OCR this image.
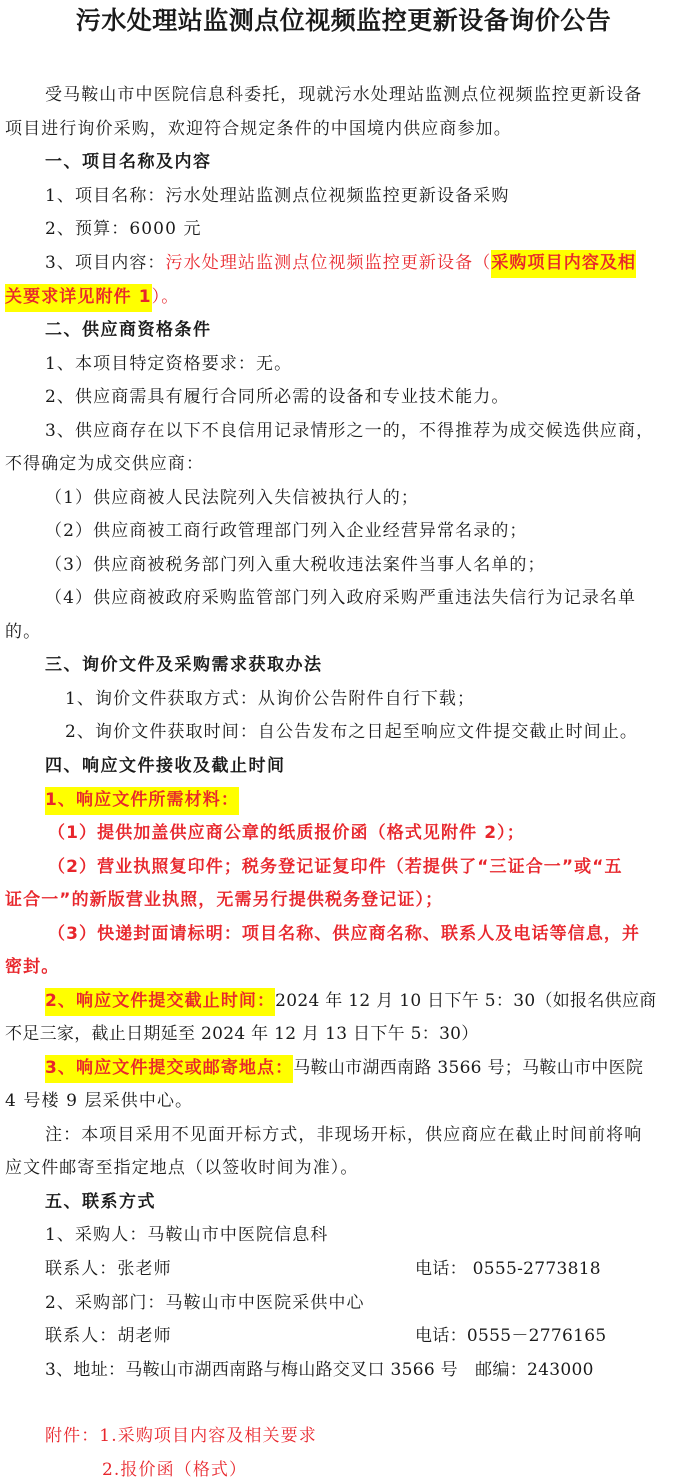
污水处理站监测点位视频监控更新设备询价公告
受马鞍山市中医院信息科委托，现就污水处理站监测点位视频监控更新设备
项目进行询价采购，欢迎符合规定条件的中国境内供应商参加。
一、项目名称及内容
1、项目名称：污水处理站监测点位视频监控更新设备采购
2、预算：6000 元
3、项目内容：污水处理站监测点位视频监控更新设备（采购项目内容及相
关要求详见附件 1）。
二、供应商资格条件
1、本项目特定资格要求：无。
2、供应商需具有履行合同所必需的设备和专业技术能力。
3、供应商存在以下不良信用记录情形之一的，不得推荐为成交候选供应商，
不得确定为成交供应商：
（1）供应商被人民法院列入失信被执行人的；
（2）供应商被工商行政管理部门列入企业经营异常名录的；
（3）供应商被税务部门列入重大税收违法案件当事人名单的；
（4）供应商被政府采购监管部门列入政府采购严重违法失信行为记录名单
的。
三、询价文件及采购需求获取办法
1、询价文件获取方式：从询价公告附件自行下载；
2、询价文件获取时间：自公告发布之日起至响应文件提交截止时间止。
四、响应文件接收及截止时间
1、响应文件所需材料：
（1）提供加盖供应商公章的纸质报价函（格式见附件 2）；
（2）营业执照复印件；税务登记证复印件（若提供了“三证合一”或“五
证合一”的新版营业执照，无需另行提供税务登记证）；
（3）快递封面请标明：项目名称、供应商名称、联系人及电话等信息，并
密封。
2、响应文件提交截止时间：2024 年 12 月 10 日下午 5：30（如报名供应商
不足三家，截止日期延至 2024 年 12 月 13 日下午 5：30）
3、响应文件提交或邮寄地点：马鞍山市湖西南路 3566 号；马鞍山市中医院
4 号楼 9 层采供中心。
注：本项目采用不见面开标方式，非现场开标，供应商应在截止时间前将响
应文件邮寄至指定地点（以签收时间为准）。
五、联系方式
1、采购人：马鞍山市中医院信息科
联系人：张老师	电话： 0555-2773818
2、采购部门：马鞍山市中医院采供中心
联系人：胡老师	电话：0555－2776165
3、地址：马鞍山市湖西南路与梅山路交叉口 3566 号   邮编：243000
附件：1.采购项目内容及相关要求
2.报价函（格式）
